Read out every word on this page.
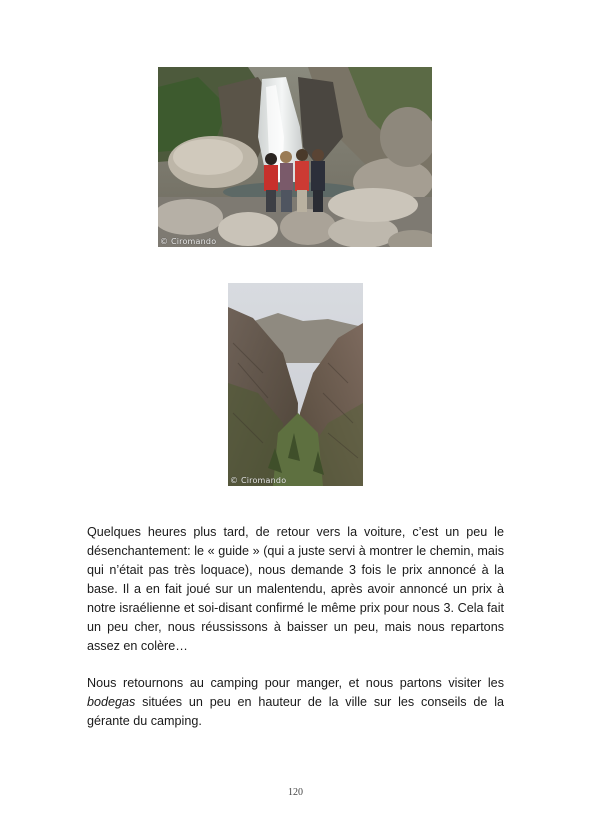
© Ciromando
© Ciromando

Quelques heures plus tard, de retour vers la voiture, c’est un peu le désenchantement: le « guide » (qui a juste servi à montrer le chemin, mais qui n’était pas très loquace), nous demande 3 fois le prix annoncé à la base. Il a en fait joué sur un malentendu, après avoir annoncé un prix à notre israélienne et soi-disant confirmé le même prix pour nous 3. Cela fait un peu cher, nous réussissons à baisser un peu, mais nous repartons assez en colère…

Nous retournons au camping pour manger, et nous partons visiter les bodegas situées un peu en hauteur de la ville sur les conseils de la gérante du camping.

120
